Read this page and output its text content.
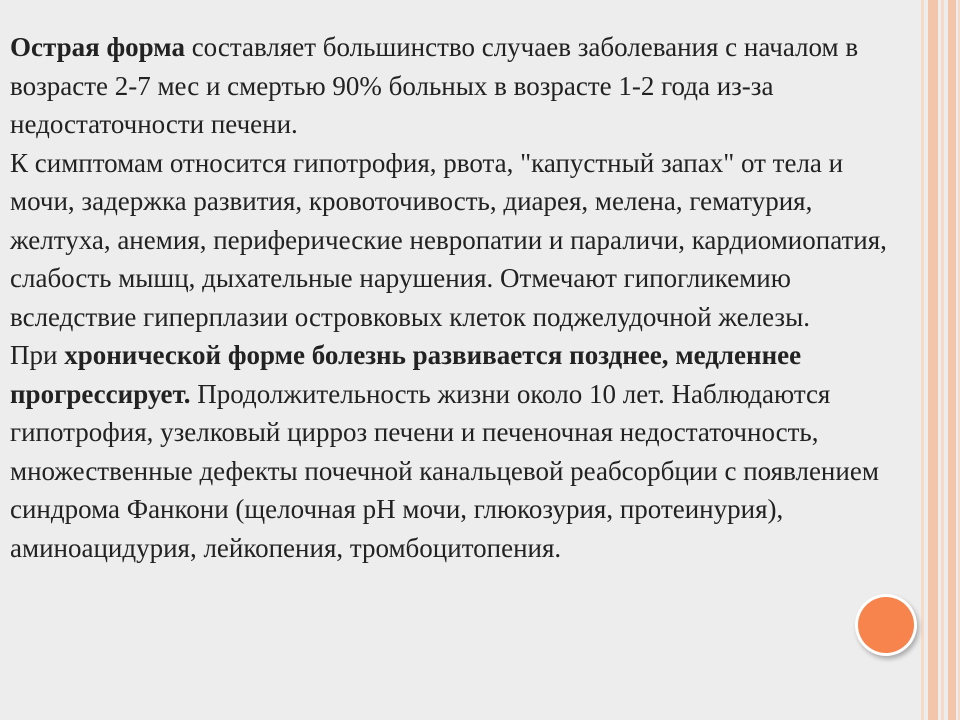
Острая форма составляет большинство случаев заболевания с началом в возрасте 2-7 мес и смертью 90% больных в возрасте 1-2 года из-за недостаточности печени.

К симптомам относится гипотрофия, рвота, "капустный запах" от тела и мочи, задержка развития, кровоточивость, диарея, мелена, гематурия, желтуха, анемия, периферические невропатии и параличи, кардиомиопатия, слабость мышц, дыхательные нарушения. Отмечают гипогликемию вследствие гиперплазии островковых клеток поджелудочной железы.

При хронической форме болезнь развивается позднее, медленнее прогрессирует. Продолжительность жизни около 10 лет. Наблюдаются гипотрофия, узелковый цирроз печени и печеночная недостаточность, множественные дефекты почечной канальцевой реабсорбции с появлением синдрома Фанкони (щелочная рН мочи, глюкозурия, протеинурия), аминоацидурия, лейкопения, тромбоцитопения.
